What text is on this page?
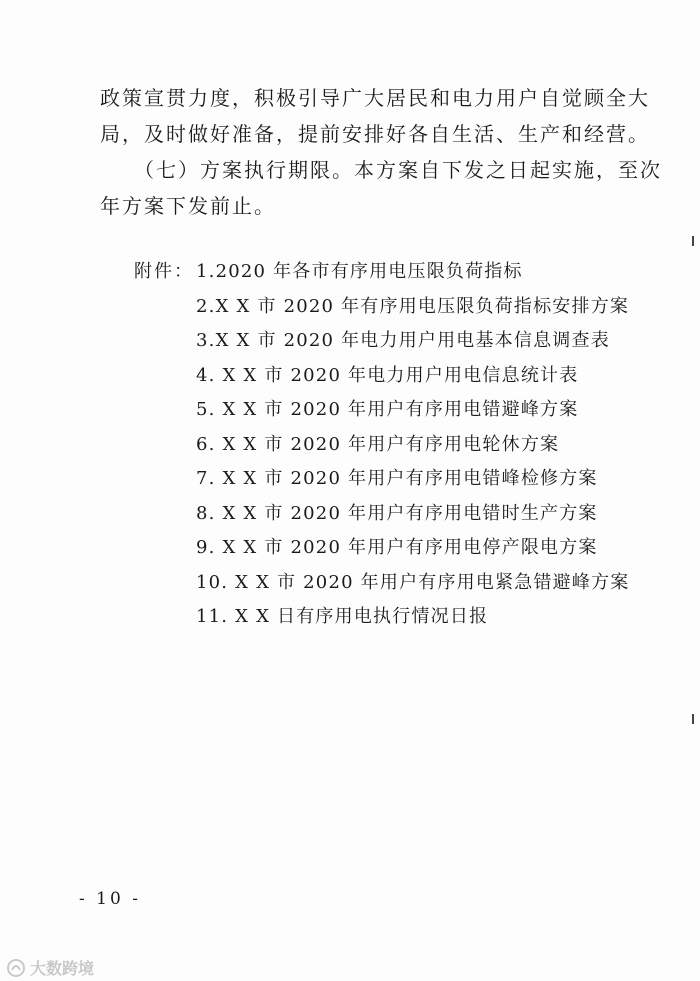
政策宣贯力度，积极引导广大居民和电力用户自觉顾全大
局，及时做好准备，提前安排好各自生活、生产和经营。
（七）方案执行期限。本方案自下发之日起实施，至次
年方案下发前止。
附件： 1.2020 年各市有序用电压限负荷指标
2.X X 市 2020 年有序用电压限负荷指标安排方案
3.X X 市 2020 年电力用户用电基本信息调查表
4. X X 市 2020 年电力用户用电信息统计表
5. X X 市 2020 年用户有序用电错避峰方案
6. X X 市 2020 年用户有序用电轮休方案
7. X X 市 2020 年用户有序用电错峰检修方案
8. X X 市 2020 年用户有序用电错时生产方案
9. X X 市 2020 年用户有序用电停产限电方案
10. X X 市 2020 年用户有序用电紧急错避峰方案
11. X X 日有序用电执行情况日报
- 10 -
大数跨境
